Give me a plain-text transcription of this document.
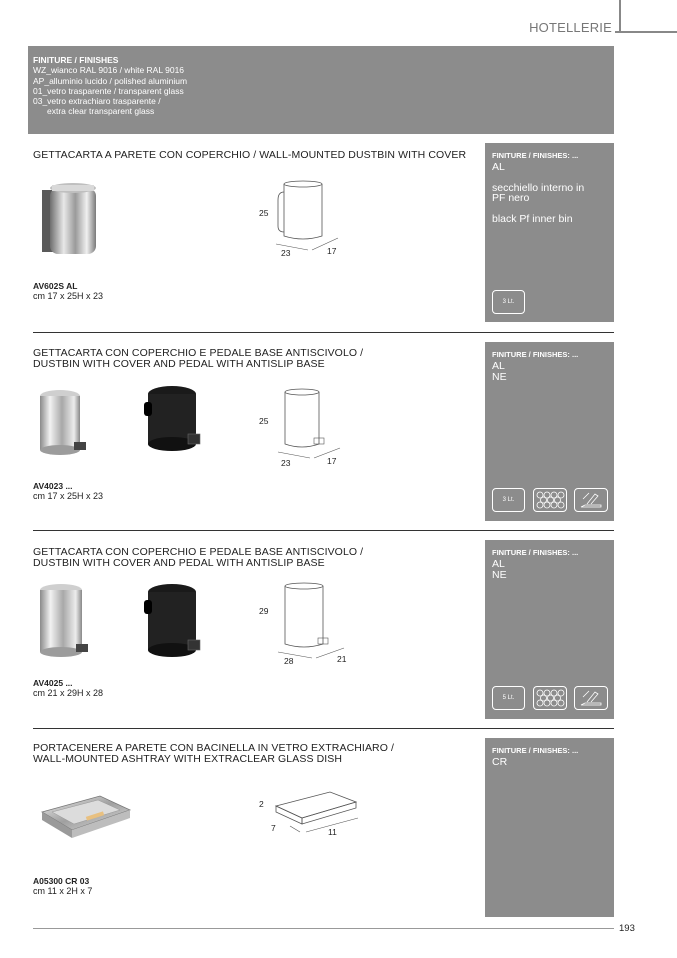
HOTELLERIE
FINITURE / FINISHES
WZ_wianco RAL 9016 / white RAL 9016
AP_alluminio lucido / polished aluminium
01_vetro trasparente / transparent glass
03_vetro extrachiaro trasparente /
extra clear transparent glass
GETTACARTA A PARETE CON COPERCHIO / WALL-MOUNTED DUSTBIN WITH COVER
25
23	17
AV602S AL
cm 17 x 25H x 23
FINITURE / FINISHES: ...
AL
secchiello interno in
PF nero
black Pf inner bin
3 Lt.
GETTACARTA CON COPERCHIO E PEDALE BASE ANTISCIVOLO /
DUSTBIN WITH COVER AND PEDAL WITH ANTISLIP BASE
25
23	17
AV4023 ...
cm 17 x 25H x 23
FINITURE / FINISHES: ...
AL
NE
3 Lt.
GETTACARTA CON COPERCHIO E PEDALE BASE ANTISCIVOLO /
DUSTBIN WITH COVER AND PEDAL WITH ANTISLIP BASE
29
28	21
AV4025 ...
cm 21 x 29H x 28
FINITURE / FINISHES: ...
AL
NE
5 Lt.
PORTACENERE A PARETE CON BACINELLA IN VETRO EXTRACHIARO /
WALL-MOUNTED ASHTRAY WITH EXTRACLEAR GLASS DISH
2
7	11
A05300 CR 03
cm 11 x 2H x 7
FINITURE / FINISHES: ...
CR
193
